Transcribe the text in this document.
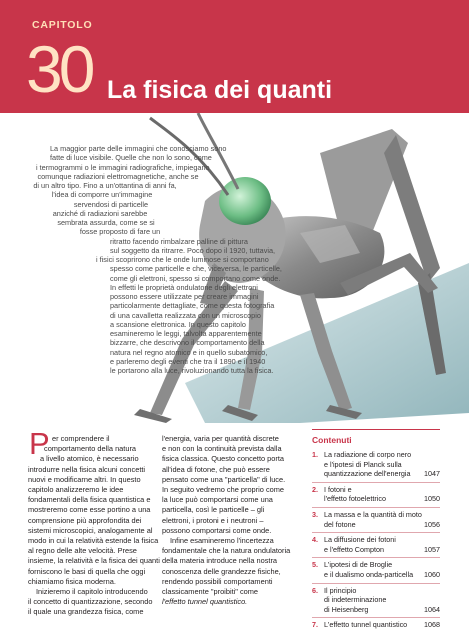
CAPITOLO
30 La fisica dei quanti
La maggior parte delle immagini che conosciamo sono
fatte di luce visibile. Quelle che non lo sono, come
i termogrammi o le immagini radiografiche, impiegano
comunque radiazioni elettromagnetiche, anche se
di un altro tipo. Fino a un'ottantina di anni fa,
l'idea di comporre un'immagine
servendosi di particelle
anziché di radiazioni sarebbe
sembrata assurda, come se si
fosse proposto di fare un
ritratto facendo rimbalzare palline di pittura
sul soggetto da ritrarre. Poco dopo il 1920, tuttavia,
i fisici scoprirono che le onde luminose si comportano
spesso come particelle e che, viceversa, le particelle,
come gli elettroni, spesso si comportano come onde.
In effetti le proprietà ondulatorie degli elettroni
possono essere utilizzate per creare immagini
particolarmente dettagliate, come questa fotografia
di una cavalletta realizzata con un microscopio
a scansione elettronica. In questo capitolo
esamineremo le leggi, talvolta apparentemente
bizzarre, che descrivono il comportamento della
natura nel regno atomico e in quello subatomico,
e parleremo degli eventi che tra il 1890 e il 1940
le portarono alla luce, rivoluzionando tutta la fisica.
P er comprendere il
comportamento della natura
a livello atomico, è necessario
introdurre nella fisica alcuni concetti
nuovi e modificarne altri. In questo
capitolo analizzeremo le idee
fondamentali della fisica quantistica e
mostreremo come esse portino a una
comprensione più approfondita dei
sistemi microscopici, analogamente al
modo in cui la relatività estende la fisica
al regno delle alte velocità. Prese
insieme, la relatività e la fisica dei quanti
forniscono le basi di quella che oggi
chiamiamo fisica moderna.
Inizieremo il capitolo introducendo
il concetto di quantizzazione, secondo
il quale una grandezza fisica, come
l'energia, varia per quantità discrete
e non con la continuità prevista dalla
fisica classica. Questo concetto porta
all'idea di fotone, che può essere
pensato come una "particella" di luce.
In seguito vedremo che proprio come
la luce può comportarsi come una
particella, così le particelle – gli
elettroni, i protoni e i neutroni –
possono comportarsi come onde.
Infine esamineremo l'incertezza
fondamentale che la natura ondulatoria
della materia introduce nella nostra
conoscenza delle grandezze fisiche,
rendendo possibili comportamenti
classicamente "proibiti" come
l'effetto tunnel quantistico.
Contenuti
1. La radiazione di corpo nero
e l'ipotesi di Planck sulla
quantizzazione dell'energia	1047
2. I fotoni e
l'effetto fotoelettrico	1050
3. La massa e la quantità di moto
del fotone	1056
4. La diffusione dei fotoni
e l'effetto Compton	1057
5. L'ipotesi di de Broglie
e il dualismo onda-particella	1060
6. Il principio
di indeterminazione
di Heisenberg	1064
7. L'effetto tunnel quantistico	1068
